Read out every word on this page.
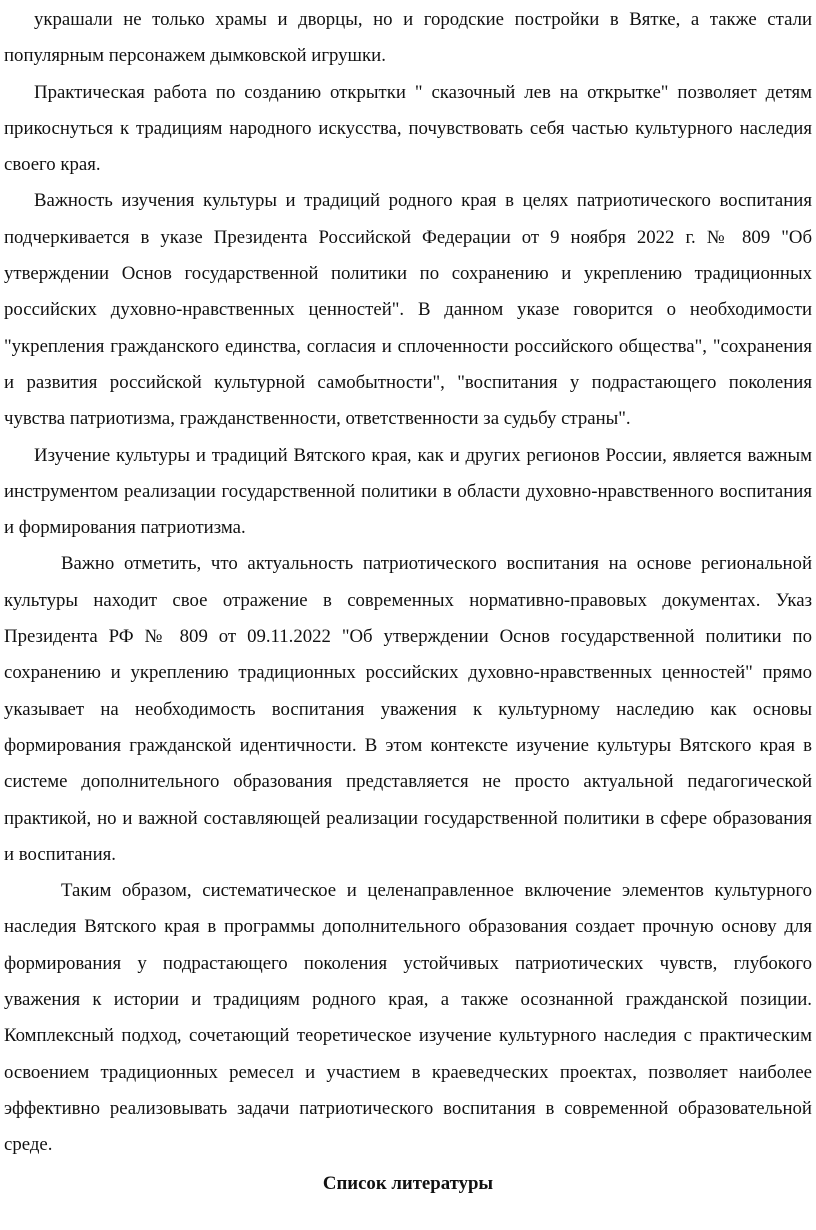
украшали не только храмы и дворцы, но и городские постройки в Вятке, а также стали популярным персонажем дымковской игрушки.

Практическая работа по созданию открытки " сказочный лев на открытке" позволяет детям прикоснуться к традициям народного искусства, почувствовать себя частью культурного наследия своего края.

Важность изучения культуры и традиций родного края в целях патриотического воспитания подчеркивается в указе Президента Российской Федерации от 9 ноября 2022 г. № 809 "Об утверждении Основ государственной политики по сохранению и укреплению традиционных российских духовно-нравственных ценностей". В данном указе говорится о необходимости "укрепления гражданского единства, согласия и сплоченности российского общества", "сохранения и развития российской культурной самобытности", "воспитания у подрастающего поколения чувства патриотизма, гражданственности, ответственности за судьбу страны".

Изучение культуры и традиций Вятского края, как и других регионов России, является важным инструментом реализации государственной политики в области духовно-нравственного воспитания и формирования патриотизма.

Важно отметить, что актуальность патриотического воспитания на основе региональной культуры находит свое отражение в современных нормативно-правовых документах. Указ Президента РФ № 809 от 09.11.2022 "Об утверждении Основ государственной политики по сохранению и укреплению традиционных российских духовно-нравственных ценностей" прямо указывает на необходимость воспитания уважения к культурному наследию как основы формирования гражданской идентичности. В этом контексте изучение культуры Вятского края в системе дополнительного образования представляется не просто актуальной педагогической практикой, но и важной составляющей реализации государственной политики в сфере образования и воспитания.

Таким образом, систематическое и целенаправленное включение элементов культурного наследия Вятского края в программы дополнительного образования создает прочную основу для формирования у подрастающего поколения устойчивых патриотических чувств, глубокого уважения к истории и традициям родного края, а также осознанной гражданской позиции. Комплексный подход, сочетающий теоретическое изучение культурного наследия с практическим освоением традиционных ремесел и участием в краеведческих проектах, позволяет наиболее эффективно реализовывать задачи патриотического воспитания в современной образовательной среде.

Список литературы
